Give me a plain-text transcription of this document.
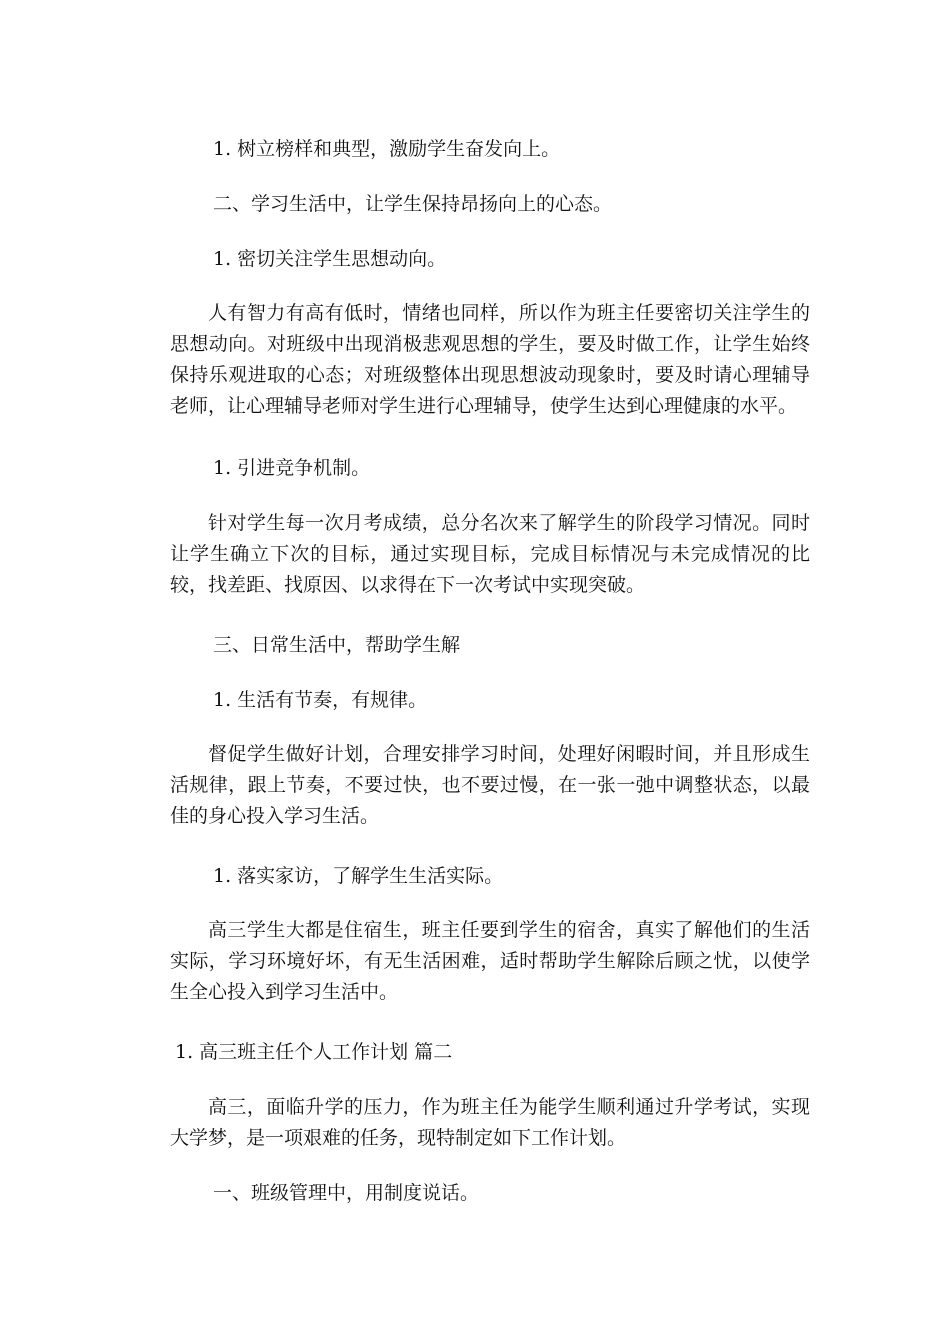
1. 树立榜样和典型，激励学生奋发向上。
二、学习生活中，让学生保持昂扬向上的心态。
1. 密切关注学生思想动向。
人有智力有高有低时，情绪也同样，所以作为班主任要密切关注学生的思想动向。对班级中出现消极悲观思想的学生，要及时做工作，让学生始终保持乐观进取的心态；对班级整体出现思想波动现象时，要及时请心理辅导老师，让心理辅导老师对学生进行心理辅导，使学生达到心理健康的水平。
1. 引进竞争机制。
针对学生每一次月考成绩，总分名次来了解学生的阶段学习情况。同时让学生确立下次的目标，通过实现目标，完成目标情况与未完成情况的比较，找差距、找原因、以求得在下一次考试中实现突破。
三、日常生活中，帮助学生解
1. 生活有节奏，有规律。
督促学生做好计划，合理安排学习时间，处理好闲暇时间，并且形成生活规律，跟上节奏，不要过快，也不要过慢，在一张一弛中调整状态，以最佳的身心投入学习生活。
1. 落实家访，了解学生生活实际。
高三学生大都是住宿生，班主任要到学生的宿舍，真实了解他们的生活实际，学习环境好坏，有无生活困难，适时帮助学生解除后顾之忧，以使学生全心投入到学习生活中。
1. 高三班主任个人工作计划 篇二
高三，面临升学的压力，作为班主任为能学生顺利通过升学考试，实现大学梦，是一项艰难的任务，现特制定如下工作计划。
一、班级管理中，用制度说话。
